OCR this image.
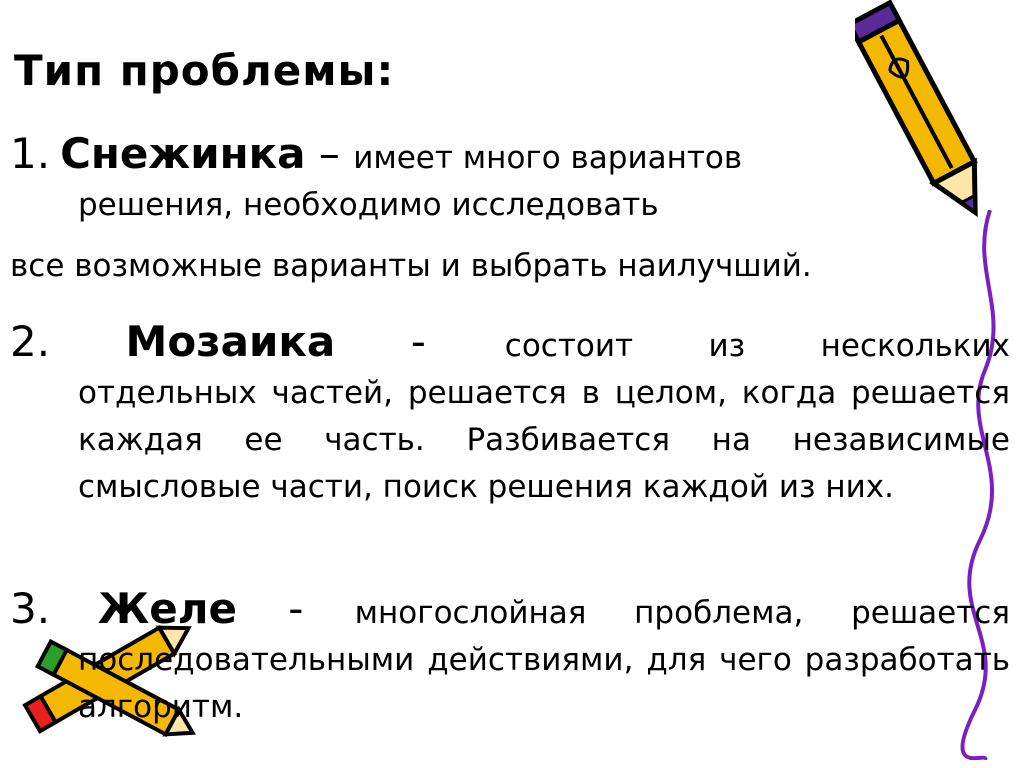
Тип проблемы:
1. Снежинка – имеет много вариантов
решения, необходимо исследовать
все возможные варианты и выбрать наилучший.
2. Мозаика - состоит из нескольких
отдельных частей, решается в целом, когда решается каждая ее часть. Разбивается на независимые смысловые части, поиск решения каждой из них.
3. Желе - многослойная проблема, решается
последовательными действиями, для чего разработать алгоритм.
